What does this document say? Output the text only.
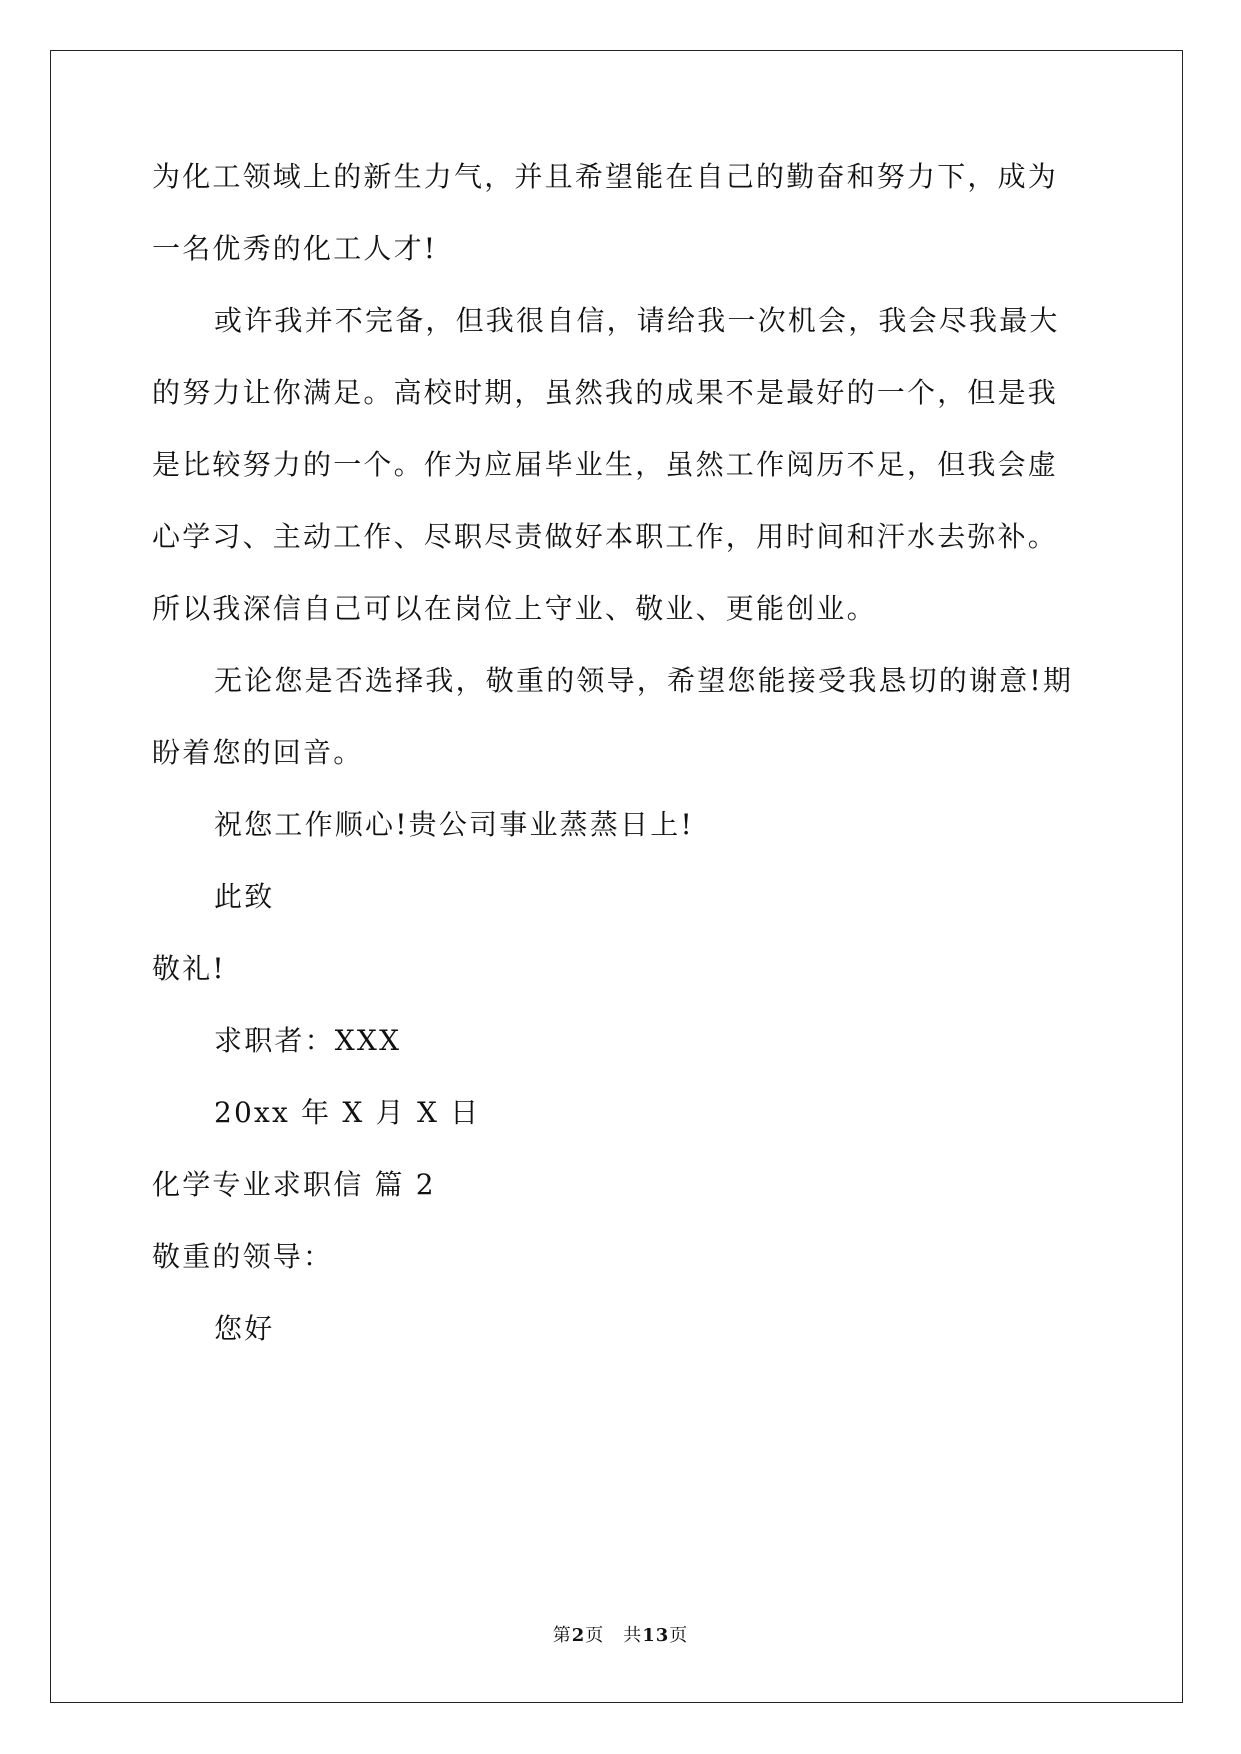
为化工领域上的新生力气，并且希望能在自己的勤奋和努力下，成为
一名优秀的化工人才!
或许我并不完备，但我很自信，请给我一次机会，我会尽我最大
的努力让你满足。高校时期，虽然我的成果不是最好的一个，但是我
是比较努力的一个。作为应届毕业生，虽然工作阅历不足，但我会虚
心学习、主动工作、尽职尽责做好本职工作，用时间和汗水去弥补。
所以我深信自己可以在岗位上守业、敬业、更能创业。
无论您是否选择我，敬重的领导，希望您能接受我恳切的谢意!期
盼着您的回音。
祝您工作顺心!贵公司事业蒸蒸日上!
此致
敬礼!
求职者：XXX
20xx 年 X 月 X 日
化学专业求职信 篇 2
敬重的领导：
您好
第2页　共13页
